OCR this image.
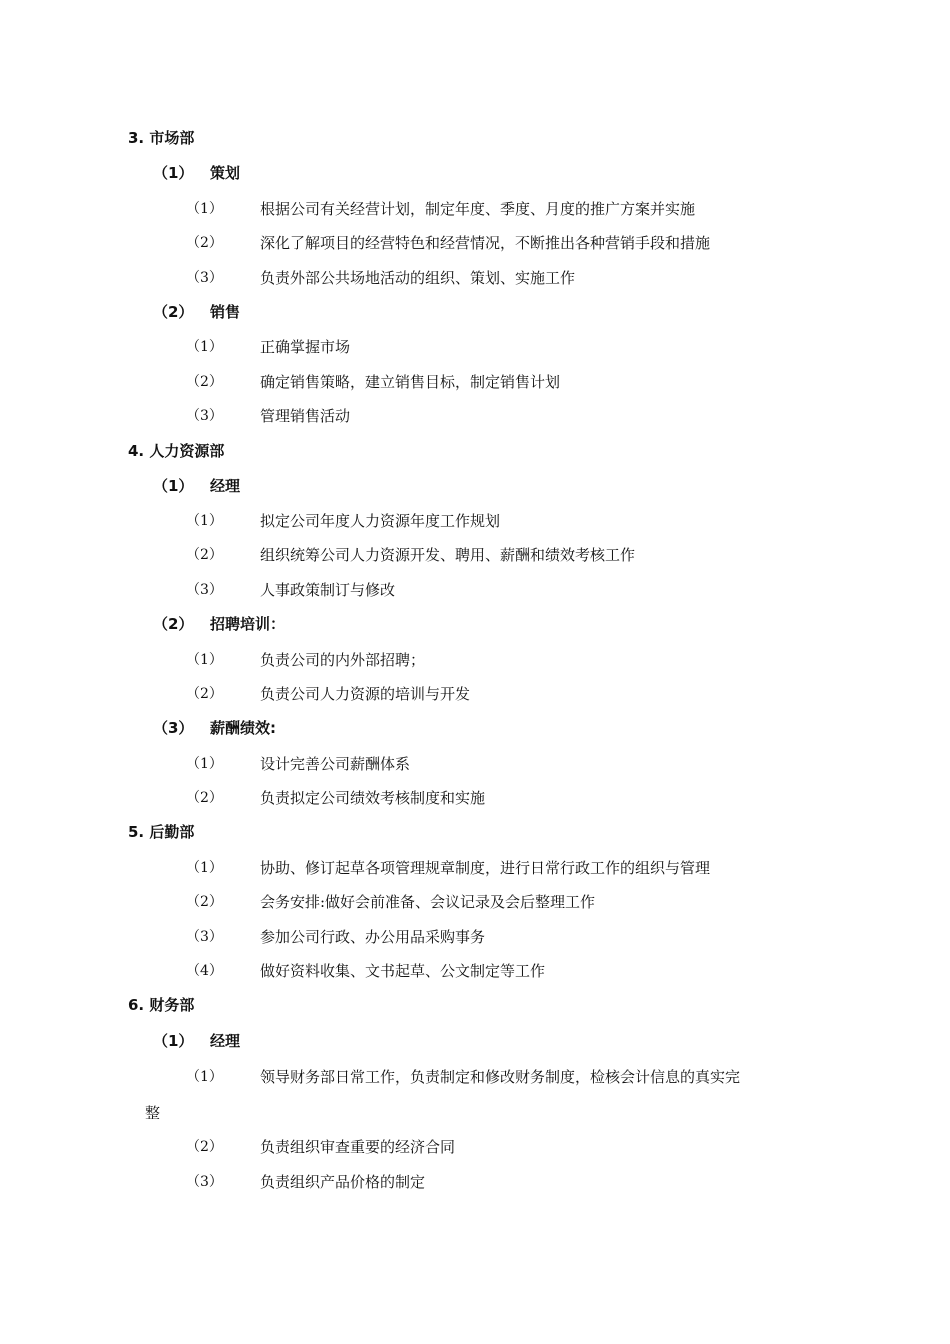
3. 市场部
（1） 策划
（1） 根据公司有关经营计划，制定年度、季度、月度的推广方案并实施
（2） 深化了解项目的经营特色和经营情况，不断推出各种营销手段和措施
（3） 负责外部公共场地活动的组织、策划、实施工作
（2） 销售
（1） 正确掌握市场
（2） 确定销售策略，建立销售目标，制定销售计划
（3） 管理销售活动
4. 人力资源部
（1） 经理
（1） 拟定公司年度人力资源年度工作规划
（2） 组织统筹公司人力资源开发、聘用、薪酬和绩效考核工作
（3） 人事政策制订与修改
（2） 招聘培训：
（1） 负责公司的内外部招聘；
（2） 负责公司人力资源的培训与开发
（3） 薪酬绩效:
（1） 设计完善公司薪酬体系
（2） 负责拟定公司绩效考核制度和实施
5. 后勤部
（1） 协助、修订起草各项管理规章制度，进行日常行政工作的组织与管理
（2） 会务安排:做好会前准备、会议记录及会后整理工作
（3） 参加公司行政、办公用品采购事务
（4） 做好资料收集、文书起草、公文制定等工作
6. 财务部
（1） 经理
（1） 领导财务部日常工作，负责制定和修改财务制度，检核会计信息的真实完
整
（2） 负责组织审查重要的经济合同
（3） 负责组织产品价格的制定
